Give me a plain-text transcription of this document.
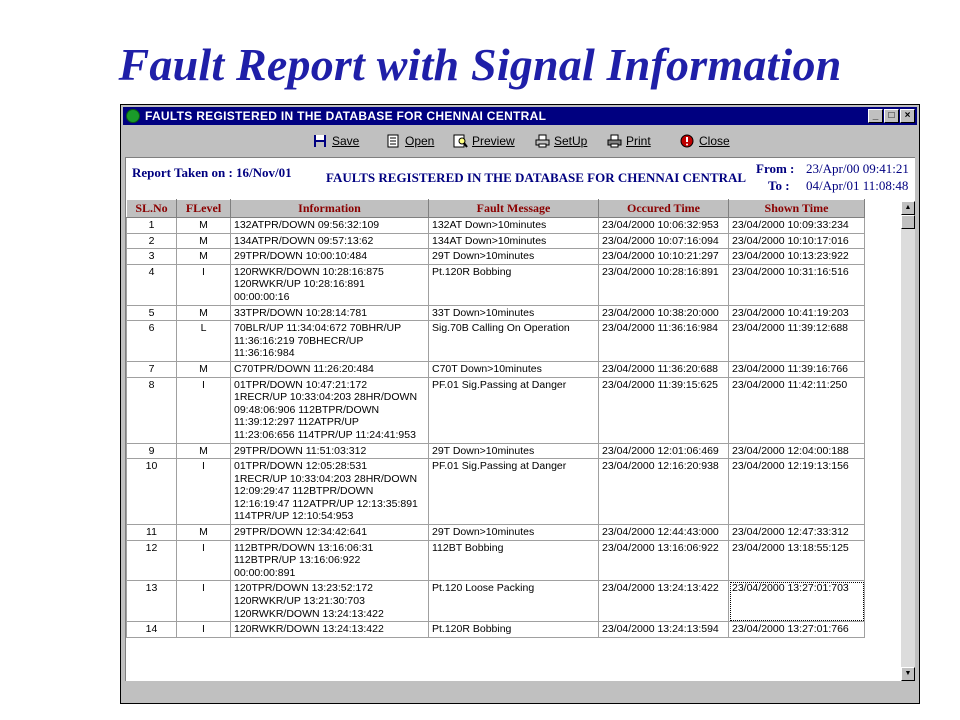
Fault Report with Signal Information
FAULTS REGISTERED IN THE DATABASE FOR CHENNAI CENTRAL	_ □ ×
Save	Open	Preview	SetUp	Print	Close
Report Taken on : 16/Nov/01	FAULTS REGISTERED IN THE DATABASE FOR CHENNAI CENTRAL
From : 23/Apr/00 09:41:21
To : 04/Apr/01 11:08:48
SL.No	FLevel	Information	Fault Message	Occured Time	Shown Time
1	M	132ATPR/DOWN 09:56:32:109	132AT Down>10minutes	23/04/2000 10:06:32:953	23/04/2000 10:09:33:234
2	M	134ATPR/DOWN 09:57:13:62	134AT Down>10minutes	23/04/2000 10:07:16:094	23/04/2000 10:10:17:016
3	M	29TPR/DOWN 10:00:10:484	29T Down>10minutes	23/04/2000 10:10:21:297	23/04/2000 10:13:23:922
4	I	120RWKR/DOWN 10:28:16:875
120RWKR/UP 10:28:16:891
00:00:00:16	Pt.120R Bobbing	23/04/2000 10:28:16:891	23/04/2000 10:31:16:516
5	M	33TPR/DOWN 10:28:14:781	33T Down>10minutes	23/04/2000 10:38:20:000	23/04/2000 10:41:19:203
6	L	70BLR/UP 11:34:04:672 70BHR/UP
11:36:16:219 70BHECR/UP
11:36:16:984	Sig.70B Calling On Operation	23/04/2000 11:36:16:984	23/04/2000 11:39:12:688
7	M	C70TPR/DOWN 11:26:20:484	C70T Down>10minutes	23/04/2000 11:36:20:688	23/04/2000 11:39:16:766
8	I	01TPR/DOWN 10:47:21:172
1RECR/UP 10:33:04:203 28HR/DOWN
09:48:06:906 112BTPR/DOWN
11:39:12:297 112ATPR/UP
11:23:06:656 114TPR/UP 11:24:41:953	PF.01 Sig.Passing at Danger	23/04/2000 11:39:15:625	23/04/2000 11:42:11:250
9	M	29TPR/DOWN 11:51:03:312	29T Down>10minutes	23/04/2000 12:01:06:469	23/04/2000 12:04:00:188
10	I	01TPR/DOWN 12:05:28:531
1RECR/UP 10:33:04:203 28HR/DOWN
12:09:29:47 112BTPR/DOWN
12:16:19:47 112ATPR/UP 12:13:35:891
114TPR/UP 12:10:54:953	PF.01 Sig.Passing at Danger	23/04/2000 12:16:20:938	23/04/2000 12:19:13:156
11	M	29TPR/DOWN 12:34:42:641	29T Down>10minutes	23/04/2000 12:44:43:000	23/04/2000 12:47:33:312
12	I	112BTPR/DOWN 13:16:06:31
112BTPR/UP 13:16:06:922
00:00:00:891	112BT Bobbing	23/04/2000 13:16:06:922	23/04/2000 13:18:55:125
13	I	120TPR/DOWN 13:23:52:172
120RWKR/UP 13:21:30:703
120RWKR/DOWN 13:24:13:422	Pt.120 Loose Packing	23/04/2000 13:24:13:422	23/04/2000 13:27:01:703
14	I	120RWKR/DOWN 13:24:13:422	Pt.120R Bobbing	23/04/2000 13:24:13:594	23/04/2000 13:27:01:766
▲
▼
